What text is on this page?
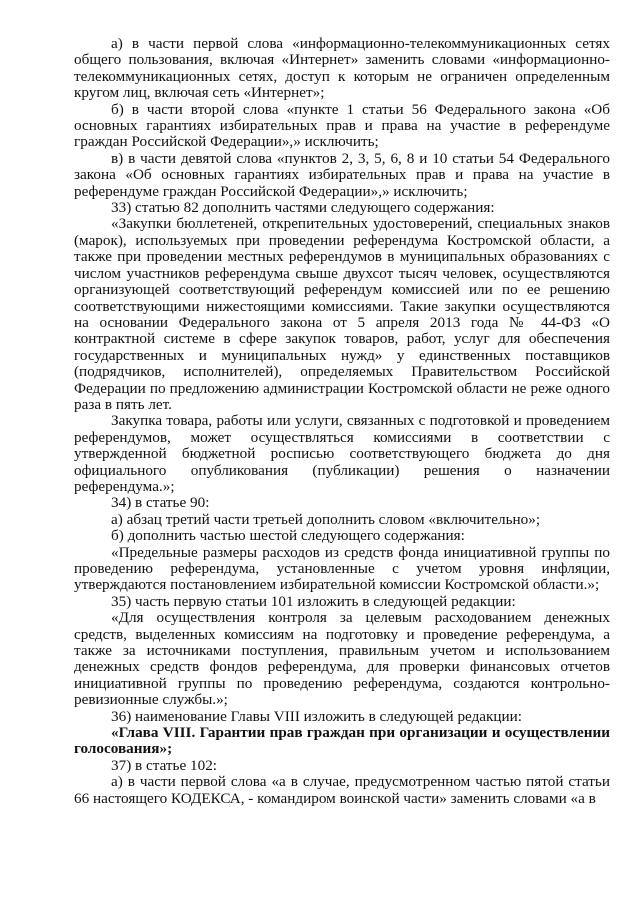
а) в части первой слова «информационно-телекоммуникационных сетях общего пользования, включая «Интернет» заменить словами «информационно-телекоммуникационных сетях, доступ к которым не ограничен определенным кругом лиц, включая сеть «Интернет»;

б) в части второй слова «пункте 1 статьи 56 Федерального закона «Об основных гарантиях избирательных прав и права на участие в референдуме граждан Российской Федерации»,» исключить;

в) в части девятой слова «пунктов 2, 3, 5, 6, 8 и 10 статьи 54 Федерального закона «Об основных гарантиях избирательных прав и права на участие в референдуме граждан Российской Федерации»,» исключить;

33) статью 82 дополнить частями следующего содержания:

«Закупки бюллетеней, открепительных удостоверений, специальных знаков (марок), используемых при проведении референдума Костромской области, а также при проведении местных референдумов в муниципальных образованиях с числом участников референдума свыше двухсот тысяч человек, осуществляются организующей соответствующий референдум комиссией или по ее решению соответствующими нижестоящими комиссиями. Такие закупки осуществляются на основании Федерального закона от 5 апреля 2013 года № 44-ФЗ «О контрактной системе в сфере закупок товаров, работ, услуг для обеспечения государственных и муниципальных нужд» у единственных поставщиков (подрядчиков, исполнителей), определяемых Правительством Российской Федерации по предложению администрации Костромской области не реже одного раза в пять лет.

Закупка товара, работы или услуги, связанных с подготовкой и проведением референдумов, может осуществляться комиссиями в соответствии с утвержденной бюджетной росписью соответствующего бюджета до дня официального опубликования (публикации) решения о назначении референдума.»;

34) в статье 90:

а) абзац третий части третьей дополнить словом «включительно»;

б) дополнить частью шестой следующего содержания:

«Предельные размеры расходов из средств фонда инициативной группы по проведению референдума, установленные с учетом уровня инфляции, утверждаются постановлением избирательной комиссии Костромской области.»;

35) часть первую статьи 101 изложить в следующей редакции:

«Для осуществления контроля за целевым расходованием денежных средств, выделенных комиссиям на подготовку и проведение референдума, а также за источниками поступления, правильным учетом и использованием денежных средств фондов референдума, для проверки финансовых отчетов инициативной группы по проведению референдума, создаются контрольно-ревизионные службы.»;

36) наименование Главы VIII изложить в следующей редакции:

«Глава VIII. Гарантии прав граждан при организации и осуществлении голосования»;

37) в статье 102:

а) в части первой слова «а в случае, предусмотренном частью пятой статьи 66 настоящего КОДЕКСА, - командиром воинской части» заменить словами «а в
